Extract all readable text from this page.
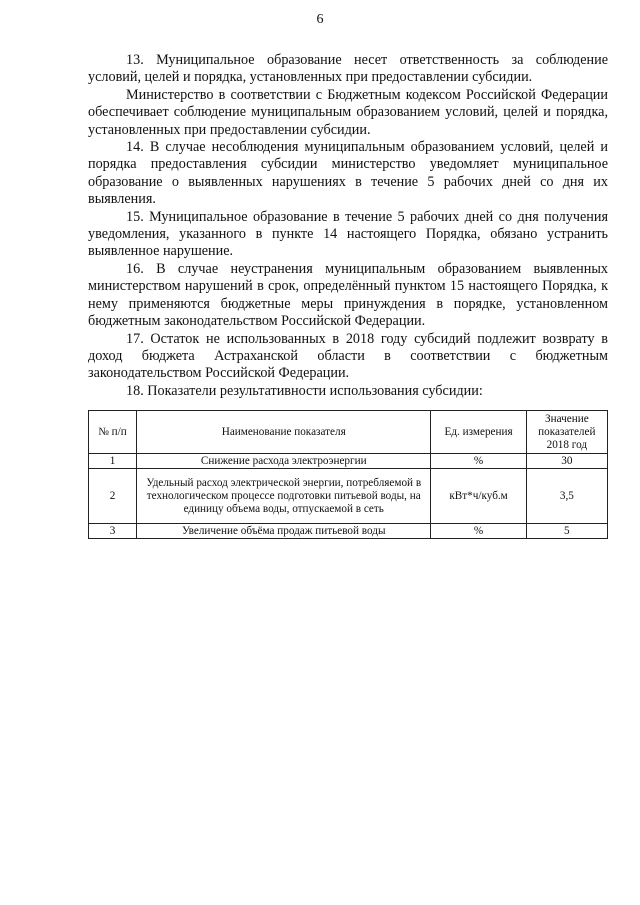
6

13. Муниципальное образование несет ответственность за соблюдение условий, целей и порядка, установленных при предоставлении субсидии.

Министерство в соответствии с Бюджетным кодексом Российской Федерации обеспечивает соблюдение муниципальным образованием условий, целей и порядка, установленных при предоставлении субсидии.

14. В случае несоблюдения муниципальным образованием условий, целей и порядка предоставления субсидии министерство уведомляет муниципальное образование о выявленных нарушениях в течение 5 рабочих дней со дня их выявления.

15. Муниципальное образование в течение 5 рабочих дней со дня получения уведомления, указанного в пункте 14 настоящего Порядка, обязано устранить выявленное нарушение.

16. В случае неустранения муниципальным образованием выявленных министерством нарушений в срок, определённый пунктом 15 настоящего Порядка, к нему применяются бюджетные меры принуждения в порядке, установленном бюджетным законодательством Российской Федерации.

17. Остаток не использованных в 2018 году субсидий подлежит возврату в доход бюджета Астраханской области в соответствии с бюджетным законодательством Российской Федерации.

18. Показатели результативности использования субсидии:

№ п/п	Наименование показателя	Ед. измерения	Значение показателей 2018 год
1	Снижение расхода электроэнергии	%	30
2	Удельный расход электрической энергии, потребляемой в технологическом процессе подготовки питьевой воды, на единицу объема воды, отпускаемой в сеть	кВт*ч/куб.м	3,5
3	Увеличение объёма продаж питьевой воды	%	5
